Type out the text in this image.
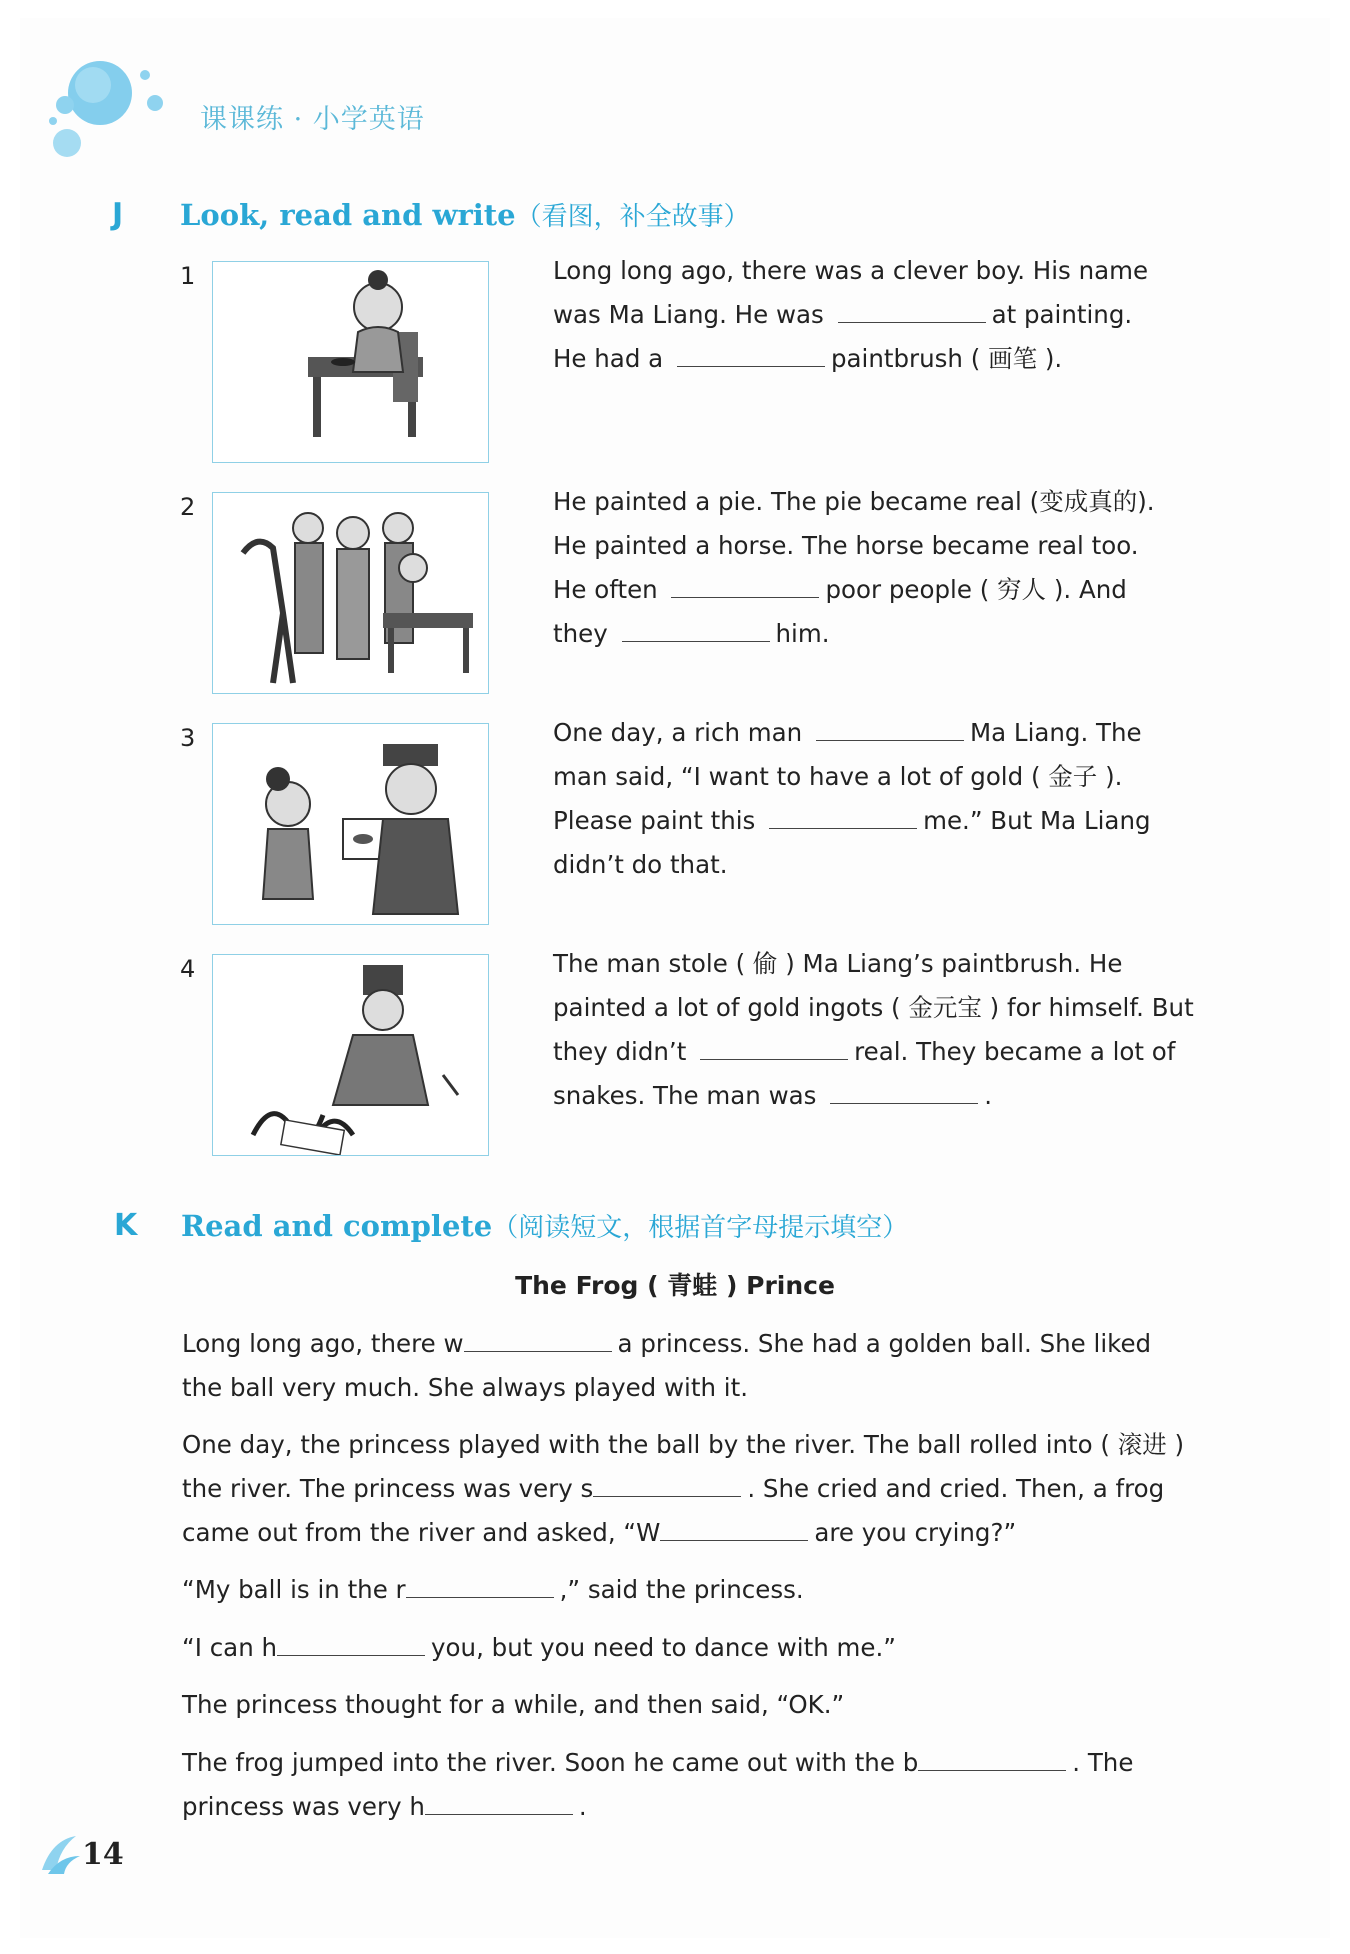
课课练 · 小学英语
J Look, read and write（看图，补全故事）
1	Long long ago, there was a clever boy. His name
was Ma Liang. He was	at painting.
He had a	paintbrush ( 画笔 ).
2	He painted a pie. The pie became real (变成真的).
He painted a horse. The horse became real too.
He often	poor people ( 穷人 ). And
they	him.
3	One day, a rich man	Ma Liang. The
man said, “I want to have a lot of gold ( 金子 ).
Please paint this	me.” But Ma Liang
didn’t do that.
4	The man stole ( 偷 ) Ma Liang’s paintbrush. He
painted a lot of gold ingots ( 金元宝 ) for himself. But
they didn’t	real. They became a lot of
snakes. The man was	.
K Read and complete（阅读短文，根据首字母提示填空）
The Frog ( 青蛙 ) Prince
Long long ago, there w	a princess. She had a golden ball. She liked
the ball very much. She always played with it.
One day, the princess played with the ball by the river. The ball rolled into ( 滚进 )
the river. The princess was very s	. She cried and cried. Then, a frog
came out from the river and asked, “W	are you crying?”
“My ball is in the r	,” said the princess.
“I can h	you, but you need to dance with me.”
The princess thought for a while, and then said, “OK.”
The frog jumped into the river. Soon he came out with the b	. The
princess was very h	.
14
